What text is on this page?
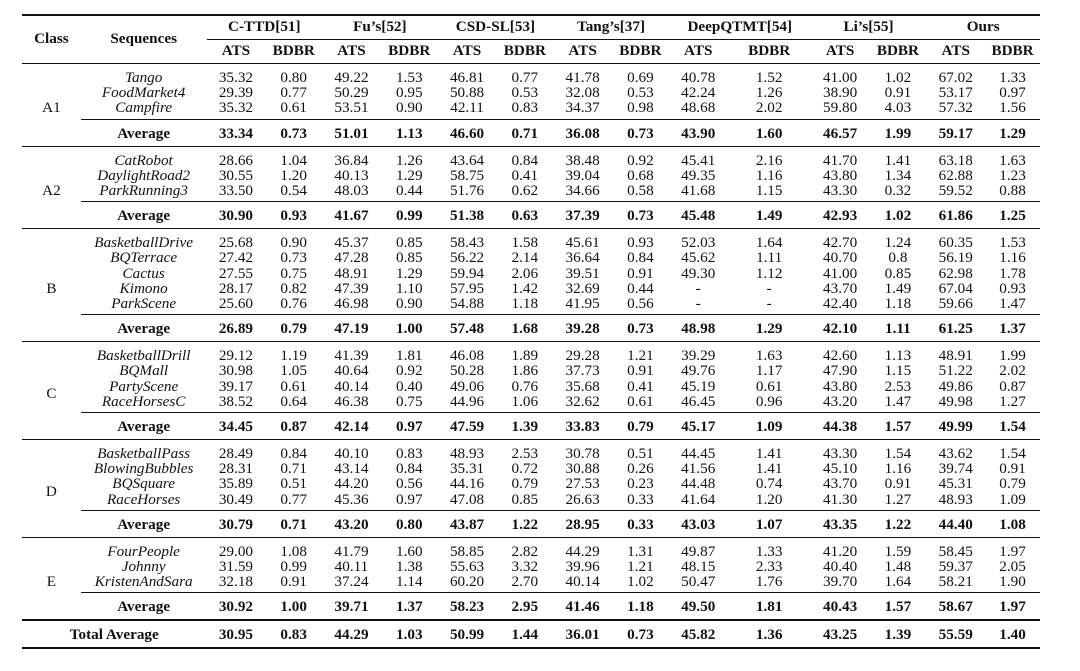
Class	Sequences	C-TTD[51]		Fu’s[52]		CSD-SL[53]		Tang’s[37]		DeepQTMT[54]		Li’s[55]		Ours	
		ATS	BDBR	ATS	BDBR	ATS	BDBR	ATS	BDBR	ATS	BDBR	ATS	BDBR	ATS	BDBR
A1	Tango	35.32	0.80	49.22	1.53	46.81	0.77	41.78	0.69	40.78	1.52	41.00	1.02	67.02	1.33
	FoodMarket4	29.39	0.77	50.29	0.95	50.88	0.53	32.08	0.53	42.24	1.26	38.90	0.91	53.17	0.97
	Campfire	35.32	0.61	53.51	0.90	42.11	0.83	34.37	0.98	48.68	2.02	59.80	4.03	57.32	1.56
	Average	33.34	0.73	51.01	1.13	46.60	0.71	36.08	0.73	43.90	1.60	46.57	1.99	59.17	1.29
A2	CatRobot	28.66	1.04	36.84	1.26	43.64	0.84	38.48	0.92	45.41	2.16	41.70	1.41	63.18	1.63
	DaylightRoad2	30.55	1.20	40.13	1.29	58.75	0.41	39.04	0.68	49.35	1.16	43.80	1.34	62.88	1.23
	ParkRunning3	33.50	0.54	48.03	0.44	51.76	0.62	34.66	0.58	41.68	1.15	43.30	0.32	59.52	0.88
	Average	30.90	0.93	41.67	0.99	51.38	0.63	37.39	0.73	45.48	1.49	42.93	1.02	61.86	1.25
B	BasketballDrive	25.68	0.90	45.37	0.85	58.43	1.58	45.61	0.93	52.03	1.64	42.70	1.24	60.35	1.53
	BQTerrace	27.42	0.73	47.28	0.85	56.22	2.14	36.64	0.84	45.62	1.11	40.70	0.8	56.19	1.16
	Cactus	27.55	0.75	48.91	1.29	59.94	2.06	39.51	0.91	49.30	1.12	41.00	0.85	62.98	1.78
	Kimono	28.17	0.82	47.39	1.10	57.95	1.42	32.69	0.44	-	-	43.70	1.49	67.04	0.93
	ParkScene	25.60	0.76	46.98	0.90	54.88	1.18	41.95	0.56	-	-	42.40	1.18	59.66	1.47
	Average	26.89	0.79	47.19	1.00	57.48	1.68	39.28	0.73	48.98	1.29	42.10	1.11	61.25	1.37
C	BasketballDrill	29.12	1.19	41.39	1.81	46.08	1.89	29.28	1.21	39.29	1.63	42.60	1.13	48.91	1.99
	BQMall	30.98	1.05	40.64	0.92	50.28	1.86	37.73	0.91	49.76	1.17	47.90	1.15	51.22	2.02
	PartyScene	39.17	0.61	40.14	0.40	49.06	0.76	35.68	0.41	45.19	0.61	43.80	2.53	49.86	0.87
	RaceHorsesC	38.52	0.64	46.38	0.75	44.96	1.06	32.62	0.61	46.45	0.96	43.20	1.47	49.98	1.27
	Average	34.45	0.87	42.14	0.97	47.59	1.39	33.83	0.79	45.17	1.09	44.38	1.57	49.99	1.54
D	BasketballPass	28.49	0.84	40.10	0.83	48.93	2.53	30.78	0.51	44.45	1.41	43.30	1.54	43.62	1.54
	BlowingBubbles	28.31	0.71	43.14	0.84	35.31	0.72	30.88	0.26	41.56	1.41	45.10	1.16	39.74	0.91
	BQSquare	35.89	0.51	44.20	0.56	44.16	0.79	27.53	0.23	44.48	0.74	43.70	0.91	45.31	0.79
	RaceHorses	30.49	0.77	45.36	0.97	47.08	0.85	26.63	0.33	41.64	1.20	41.30	1.27	48.93	1.09
	Average	30.79	0.71	43.20	0.80	43.87	1.22	28.95	0.33	43.03	1.07	43.35	1.22	44.40	1.08
E	FourPeople	29.00	1.08	41.79	1.60	58.85	2.82	44.29	1.31	49.87	1.33	41.20	1.59	58.45	1.97
	Johnny	31.59	0.99	40.11	1.38	55.63	3.32	39.96	1.21	48.15	2.33	40.40	1.48	59.37	2.05
	KristenAndSara	32.18	0.91	37.24	1.14	60.20	2.70	40.14	1.02	50.47	1.76	39.70	1.64	58.21	1.90
	Average	30.92	1.00	39.71	1.37	58.23	2.95	41.46	1.18	49.50	1.81	40.43	1.57	58.67	1.97
Total Average		30.95	0.83	44.29	1.03	50.99	1.44	36.01	0.73	45.82	1.36	43.25	1.39	55.59	1.40
